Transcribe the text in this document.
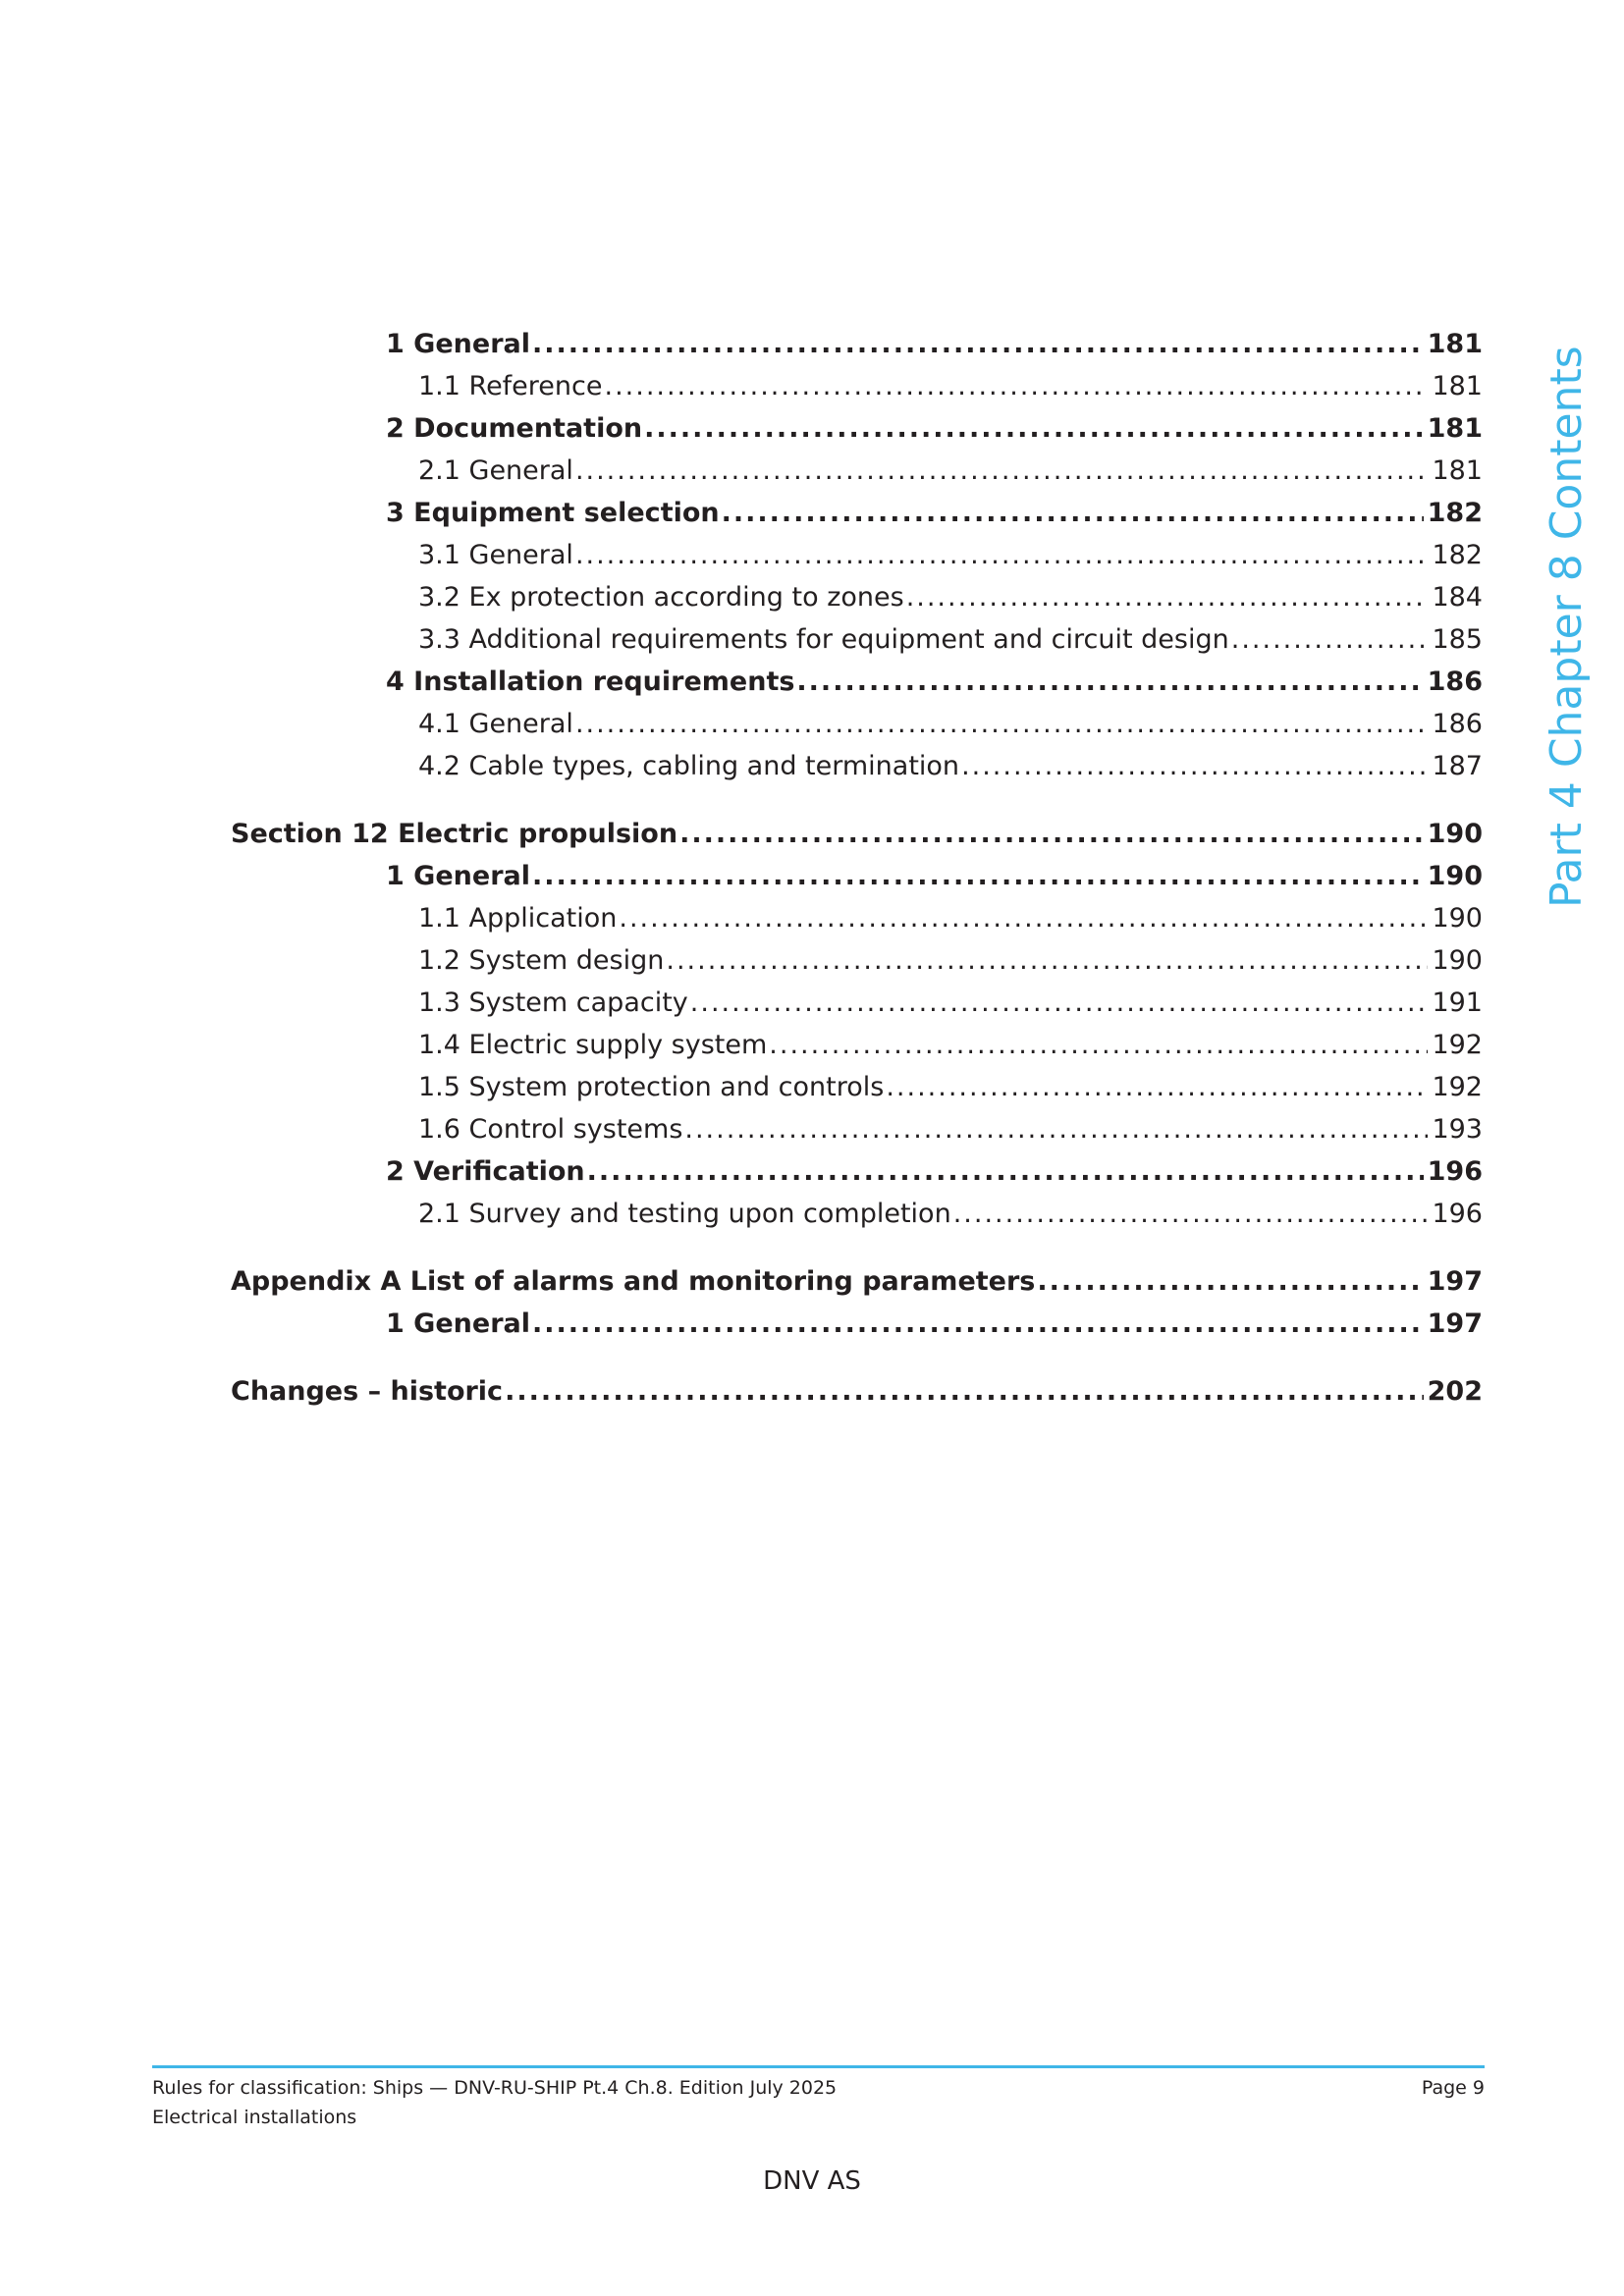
1 General .....	181
1.1 Reference .....	181
2 Documentation .....	181
2.1 General .....	181
3 Equipment selection .....	182
3.1 General .....	182
3.2 Ex protection according to zones .....	184
3.3 Additional requirements for equipment and circuit design .....	185
4 Installation requirements .....	186
4.1 General .....	186
4.2 Cable types, cabling and termination .....	187
Section 12 Electric propulsion .....	190
1 General .....	190
1.1 Application .....	190
1.2 System design .....	190
1.3 System capacity .....	191
1.4 Electric supply system .....	192
1.5 System protection and controls .....	192
1.6 Control systems .....	193
2 Verification .....	196
2.1 Survey and testing upon completion .....	196
Appendix A List of alarms and monitoring parameters .....	197
1 General .....	197
Changes – historic .....	202
Part 4 Chapter 8 Contents
Rules for classification: Ships — DNV-RU-SHIP Pt.4 Ch.8. Edition July 2025
Electrical installations
Page 9
DNV AS
